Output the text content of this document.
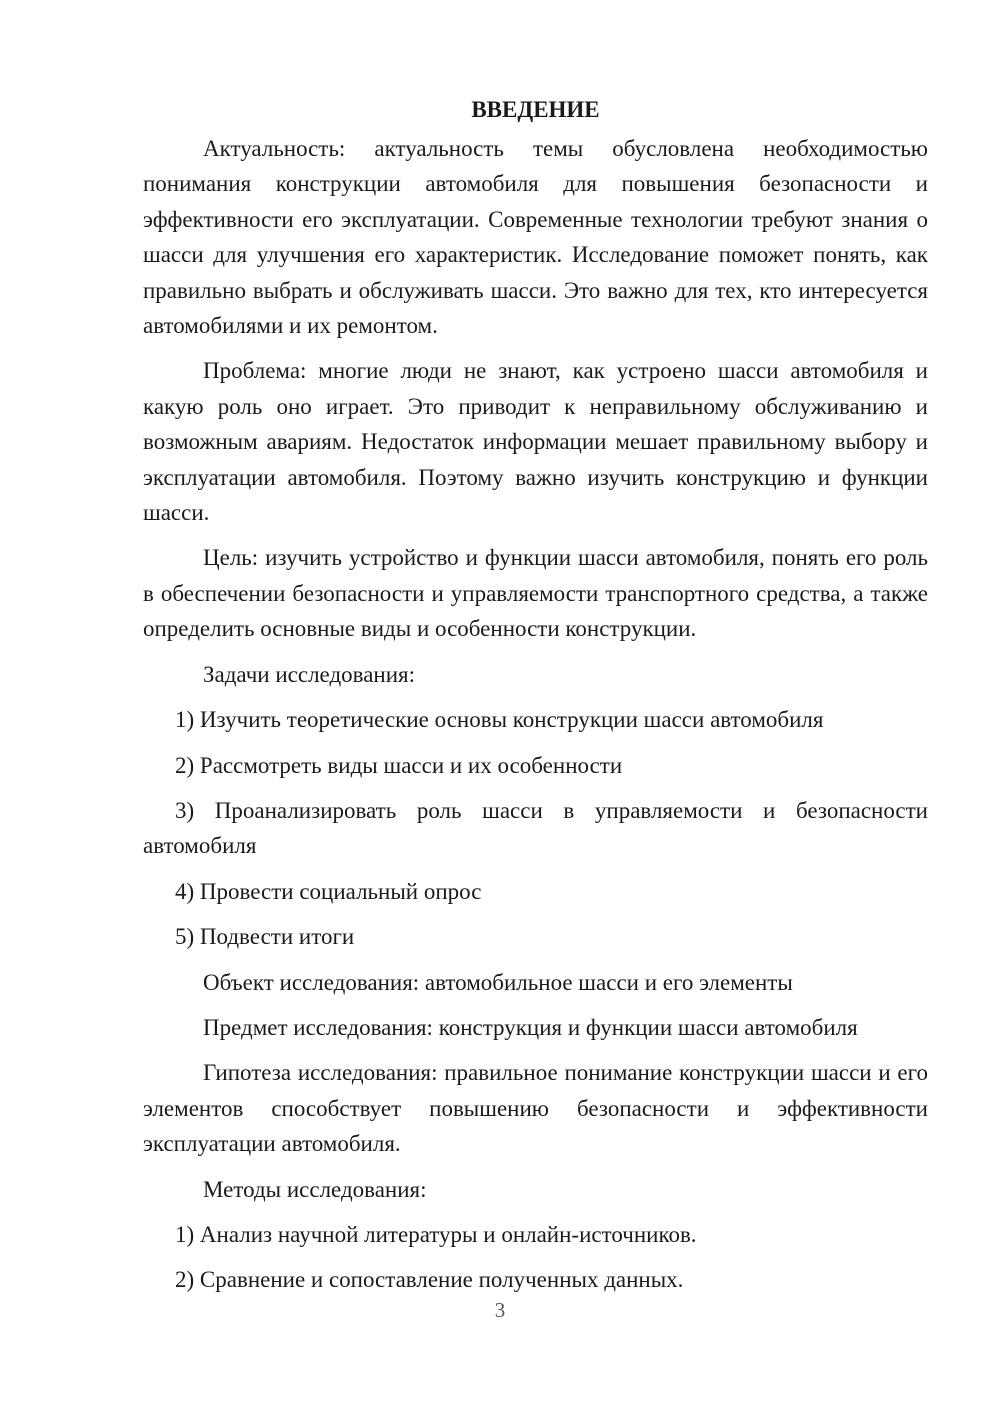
ВВЕДЕНИЕ

Актуальность: актуальность темы обусловлена необходимостью понимания конструкции автомобиля для повышения безопасности и эффективности его эксплуатации. Современные технологии требуют знания о шасси для улучшения его характеристик. Исследование поможет понять, как правильно выбрать и обслуживать шасси. Это важно для тех, кто интересуется автомобилями и их ремонтом.

Проблема: многие люди не знают, как устроено шасси автомобиля и какую роль оно играет. Это приводит к неправильному обслуживанию и возможным авариям. Недостаток информации мешает правильному выбору и эксплуатации автомобиля. Поэтому важно изучить конструкцию и функции шасси.

Цель: изучить устройство и функции шасси автомобиля, понять его роль в обеспечении безопасности и управляемости транспортного средства, а также определить основные виды и особенности конструкции.

Задачи исследования:

1) Изучить теоретические основы конструкции шасси автомобиля

2) Рассмотреть виды шасси и их особенности

3) Проанализировать роль шасси в управляемости и безопасности автомобиля

4) Провести социальный опрос

5) Подвести итоги

Объект исследования: автомобильное шасси и его элементы

Предмет исследования: конструкция и функции шасси автомобиля

Гипотеза исследования: правильное понимание конструкции шасси и его элементов способствует повышению безопасности и эффективности эксплуатации автомобиля.

Методы исследования:

1) Анализ научной литературы и онлайн-источников.

2) Сравнение и сопоставление полученных данных.

3
